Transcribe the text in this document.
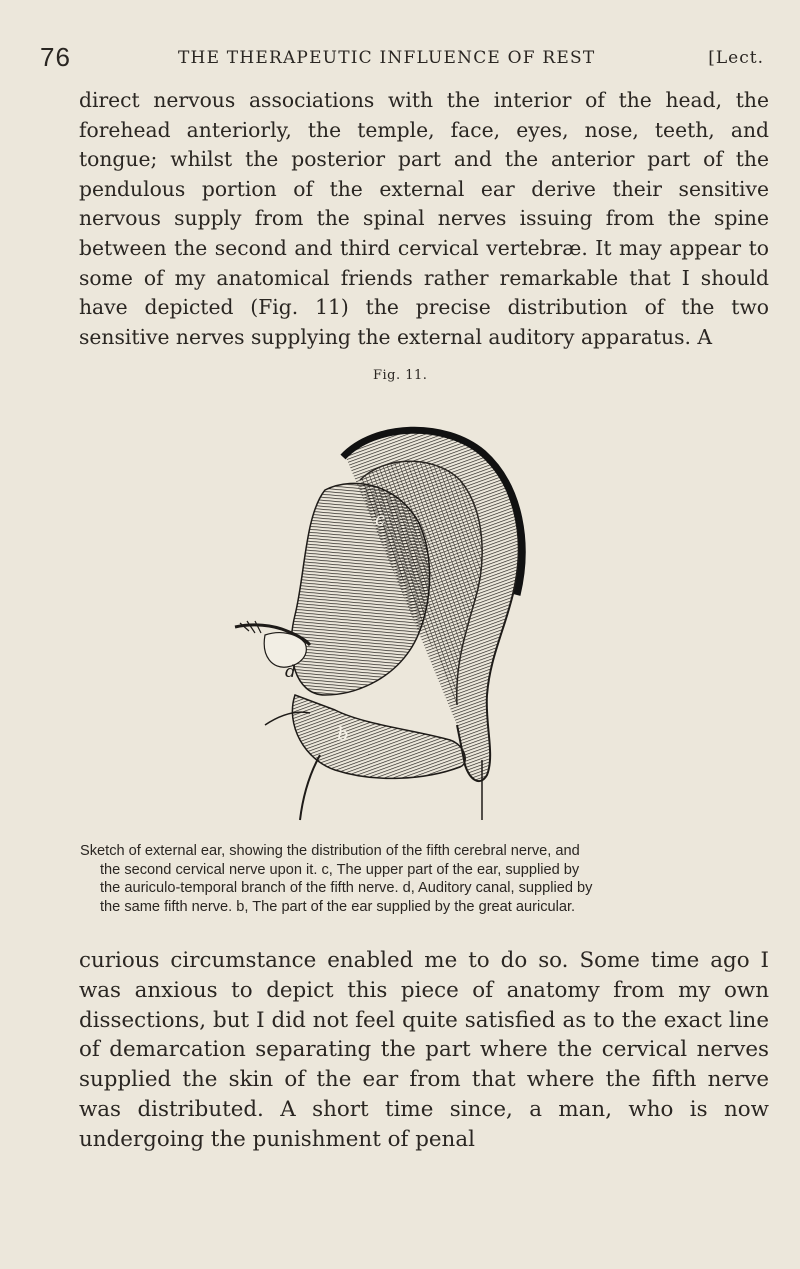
76	THE THERAPEUTIC INFLUENCE OF REST	[Lect.

direct nervous associations with the interior of the head, the forehead anteriorly, the temple, face, eyes, nose, teeth, and tongue; whilst the posterior part and the anterior part of the pendulous portion of the external ear derive their sensitive nervous supply from the spinal nerves issuing from the spine between the second and third cervical vertebræ. It may appear to some of my anatomical friends rather remarkable that I should have depicted (Fig. 11) the precise distribution of the two sensitive nerves supplying the external auditory apparatus. A

Fig. 11.
c
d
b

Sketch of external ear, showing the distribution of the fifth cerebral nerve, and
the second cervical nerve upon it. c, The upper part of the ear, supplied by
the auriculo-temporal branch of the fifth nerve. d, Auditory canal, supplied by
the same fifth nerve. b, The part of the ear supplied by the great auricular.

curious circumstance enabled me to do so. Some time ago I was anxious to depict this piece of anatomy from my own dissections, but I did not feel quite satisfied as to the exact line of demarcation separating the part where the cervical nerves supplied the skin of the ear from that where the fifth nerve was distributed. A short time since, a man, who is now undergoing the punishment of penal
